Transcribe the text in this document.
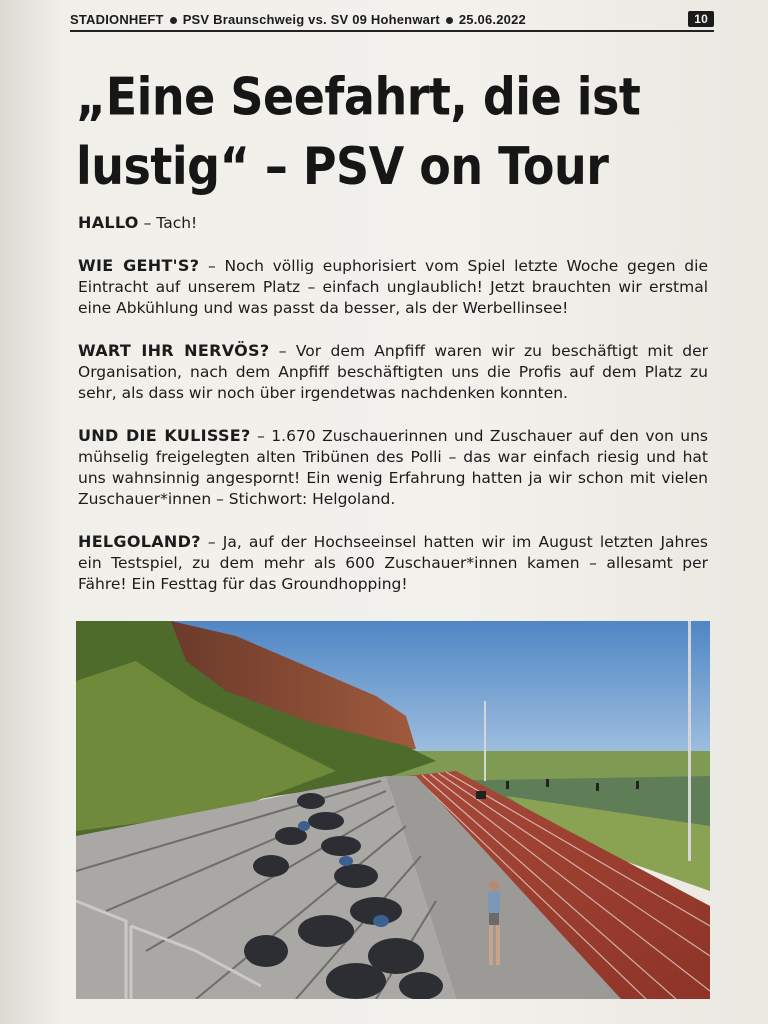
STADIONHEFT PSV Braunschweig vs. SV 09 Hohenwart 25.06.2022	10
„Eine Seefahrt, die ist
lustig“ – PSV on Tour

HALLO – Tach!

WIE GEHT'S? – Noch völlig euphorisiert vom Spiel letzte Woche gegen die Eintracht auf unserem Platz – einfach unglaublich! Jetzt brauchten wir erstmal eine Abkühlung und was passt da besser, als der Werbellinsee!

WART IHR NERVÖS? – Vor dem Anpfiff waren wir zu beschäftigt mit der Organisation, nach dem Anpfiff beschäftigten uns die Profis auf dem Platz zu sehr, als dass wir noch über irgendetwas nachdenken konnten.

UND DIE KULISSE? – 1.670 Zuschauerinnen und Zuschauer auf den von uns mühselig freigelegten alten Tribünen des Polli – das war einfach riesig und hat uns wahnsinnig angespornt! Ein wenig Erfahrung hatten ja wir schon mit vielen Zuschauer*innen – Stichwort: Helgoland.

HELGOLAND? – Ja, auf der Hochseeinsel hatten wir im August letzten Jahres ein Testspiel, zu dem mehr als 600 Zuschauer*innen kamen – allesamt per Fähre! Ein Festtag für das Groundhopping!
